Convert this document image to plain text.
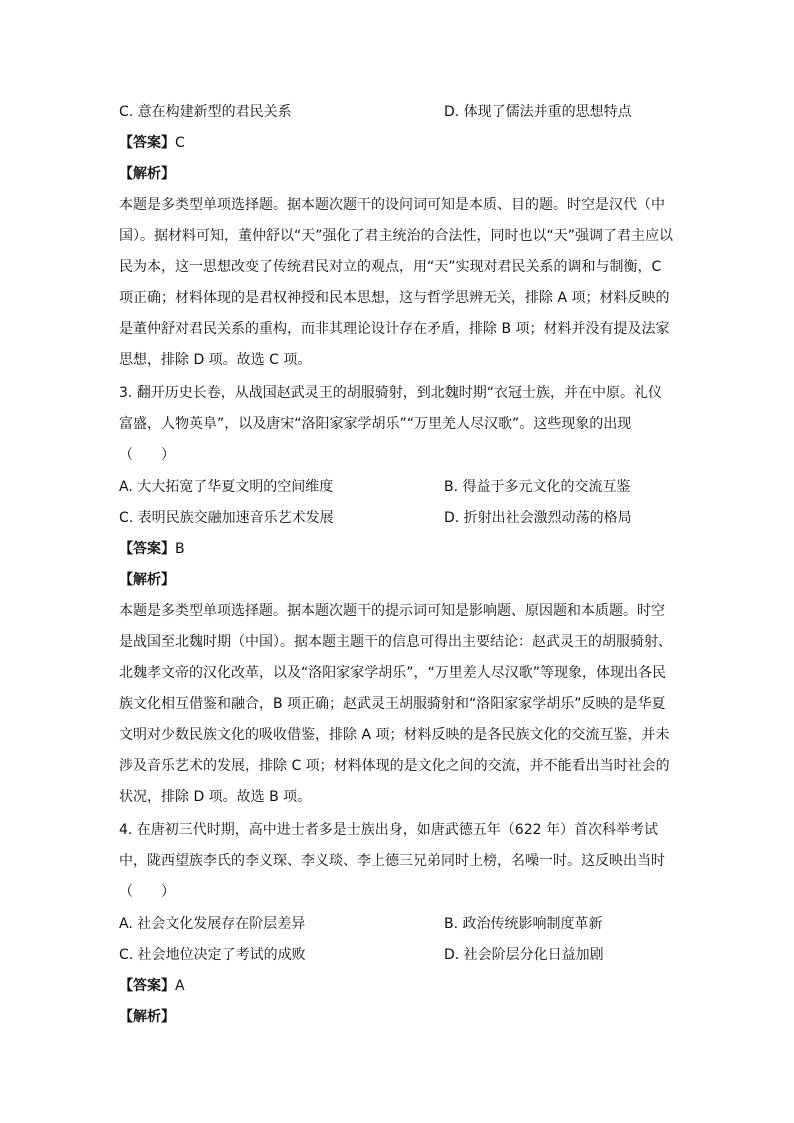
C. 意在构建新型的君民关系	D. 体现了儒法并重的思想特点
【答案】C
【解析】
本题是多类型单项选择题。据本题次题干的设问词可知是本质、目的题。时空是汉代（中
国）。据材料可知，董仲舒以“天”强化了君主统治的合法性，同时也以“天”强调了君主应以
民为本，这一思想改变了传统君民对立的观点，用“天”实现对君民关系的调和与制衡，C
项正确；材料体现的是君权神授和民本思想，这与哲学思辨无关，排除 A 项；材料反映的
是董仲舒对君民关系的重构，而非其理论设计存在矛盾，排除 B 项；材料并没有提及法家
思想，排除 D 项。故选 C 项。
3. 翻开历史长卷，从战国赵武灵王的胡服骑射，到北魏时期“衣冠士族，并在中原。礼仪
富盛，人物英阜”，以及唐宋“洛阳家家学胡乐”“万里羌人尽汉歌”。这些现象的出现
（　　）
A. 大大拓宽了华夏文明的空间维度	B. 得益于多元文化的交流互鉴
C. 表明民族交融加速音乐艺术发展	D. 折射出社会激烈动荡的格局
【答案】B
【解析】
本题是多类型单项选择题。据本题次题干的提示词可知是影响题、原因题和本质题。时空
是战国至北魏时期（中国）。据本题主题干的信息可得出主要结论：赵武灵王的胡服骑射、
北魏孝文帝的汉化改革，以及“洛阳家家学胡乐”，“万里差人尽汉歌”等现象，体现出各民
族文化相互借鉴和融合，B 项正确；赵武灵王胡服骑射和“洛阳家家学胡乐”反映的是华夏
文明对少数民族文化的吸收借鉴，排除 A 项；材料反映的是各民族文化的交流互鉴，并未
涉及音乐艺术的发展，排除 C 项；材料体现的是文化之间的交流，并不能看出当时社会的
状况，排除 D 项。故选 B 项。
4. 在唐初三代时期，高中进士者多是士族出身，如唐武德五年（622 年）首次科举考试
中，陇西望族李氏的李义琛、李义琰、李上德三兄弟同时上榜，名噪一时。这反映出当时
（　　）
A. 社会文化发展存在阶层差异	B. 政治传统影响制度革新
C. 社会地位决定了考试的成败	D. 社会阶层分化日益加剧
【答案】A
【解析】
